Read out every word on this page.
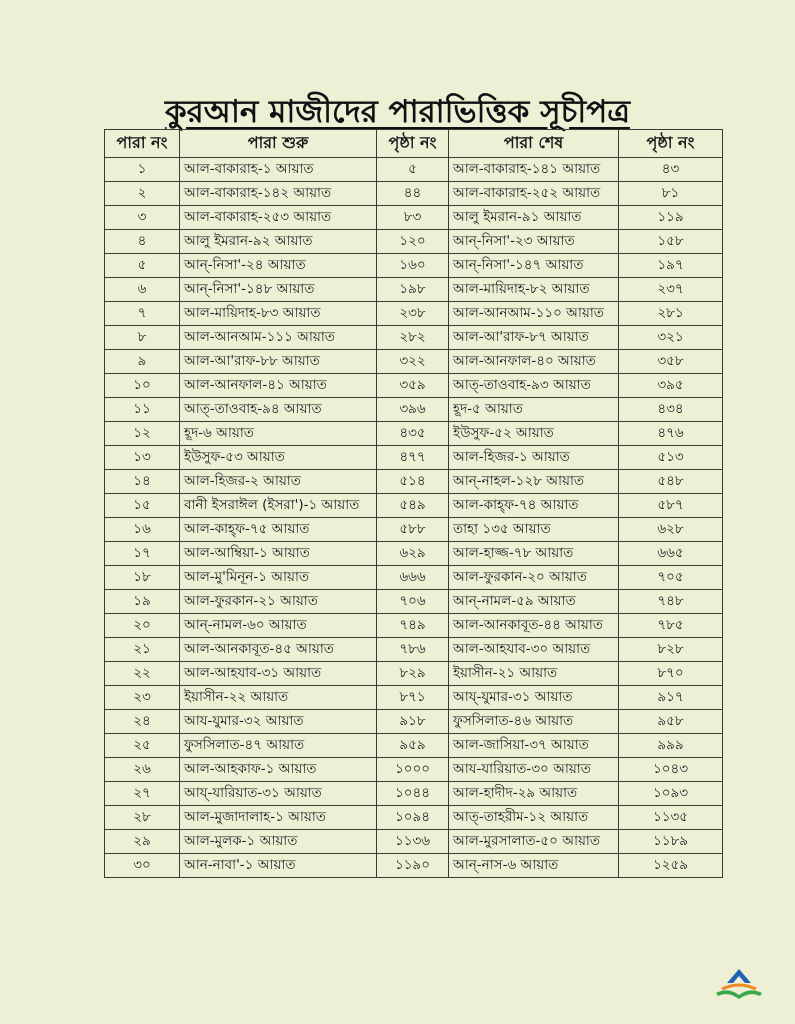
কুরআন মাজীদের পারাভিত্তিক সূচীপত্র
পারা নং	পারা শুরু	পৃষ্ঠা নং	পারা শেষ	পৃষ্ঠা নং
১	আল-বাকারাহ-১ আয়াত	৫	আল-বাকারাহ-১৪১ আয়াত	৪৩
২	আল-বাকারাহ-১৪২ আয়াত	৪৪	আল-বাকারাহ-২৫২ আয়াত	৮১
৩	আল-বাকারাহ-২৫৩ আয়াত	৮৩	আলু ইমরান-৯১ আয়াত	১১৯
৪	আলু ইমরান-৯২ আয়াত	১২০	আন্-নিসা'-২৩ আয়াত	১৫৮
৫	আন্-নিসা'-২৪ আয়াত	১৬০	আন্-নিসা'-১৪৭ আয়াত	১৯৭
৬	আন্-নিসা'-১৪৮ আয়াত	১৯৮	আল-মায়িদাহ-৮২ আয়াত	২৩৭
৭	আল-মায়িদাহ-৮৩ আয়াত	২৩৮	আল-আনআম-১১০ আয়াত	২৮১
৮	আল-আনআম-১১১ আয়াত	২৮২	আল-আ'রাফ-৮৭ আয়াত	৩২১
৯	আল-আ'রাফ-৮৮ আয়াত	৩২২	আল-আনফাল-৪০ আয়াত	৩৫৮
১০	আল-আনফাল-৪১ আয়াত	৩৫৯	আত্-তাওবাহ-৯৩ আয়াত	৩৯৫
১১	আত্-তাওবাহ-৯৪ আয়াত	৩৯৬	হূদ-৫ আয়াত	৪৩৪
১২	হূদ-৬ আয়াত	৪৩৫	ইউসুফ-৫২ আয়াত	৪৭৬
১৩	ইউসুফ-৫৩ আয়াত	৪৭৭	আল-হিজর-১ আয়াত	৫১৩
১৪	আল-হিজর-২ আয়াত	৫১৪	আন্-নাহল-১২৮ আয়াত	৫৪৮
১৫	বানী ইসরাঈল (ইসরা')-১ আয়াত	৫৪৯	আল-কাহ্ফ-৭৪ আয়াত	৫৮৭
১৬	আল-কাহ্ফ-৭৫ আয়াত	৫৮৮	তাহা ১৩৫ আয়াত	৬২৮
১৭	আল-আম্বিয়া-১ আয়াত	৬২৯	আল-হাজ্জ-৭৮ আয়াত	৬৬৫
১৮	আল-মু'মিনূন-১ আয়াত	৬৬৬	আল-ফুরকান-২০ আয়াত	৭০৫
১৯	আল-ফুরকান-২১ আয়াত	৭০৬	আন্-নামল-৫৯ আয়াত	৭৪৮
২০	আন্-নামল-৬০ আয়াত	৭৪৯	আল-আনকাবূত-৪৪ আয়াত	৭৮৫
২১	আল-আনকাবূত-৪৫ আয়াত	৭৮৬	আল-আহযাব-৩০ আয়াত	৮২৮
২২	আল-আহযাব-৩১ আয়াত	৮২৯	ইয়াসীন-২১ আয়াত	৮৭০
২৩	ইয়াসীন-২২ আয়াত	৮৭১	আয্-যুমার-৩১ আয়াত	৯১৭
২৪	আয-যুমার-৩২ আয়াত	৯১৮	ফুসসিলাত-৪৬ আয়াত	৯৫৮
২৫	ফুসসিলাত-৪৭ আয়াত	৯৫৯	আল-জাসিয়া-৩৭ আয়াত	৯৯৯
২৬	আল-আহকাফ-১ আয়াত	১০০০	আয-যারিয়াত-৩০ আয়াত	১০৪৩
২৭	আয্-যারিয়াত-৩১ আয়াত	১০৪৪	আল-হাদীদ-২৯ আয়াত	১০৯৩
২৮	আল-মুজাদালাহ-১ আয়াত	১০৯৪	আত্-তাহরীম-১২ আয়াত	১১৩৫
২৯	আল-মুলক-১ আয়াত	১১৩৬	আল-মুরসালাত-৫০ আয়াত	১১৮৯
৩০	আন-নাবা'-১ আয়াত	১১৯০	আন্-নাস-৬ আয়াত	১২৫৯
